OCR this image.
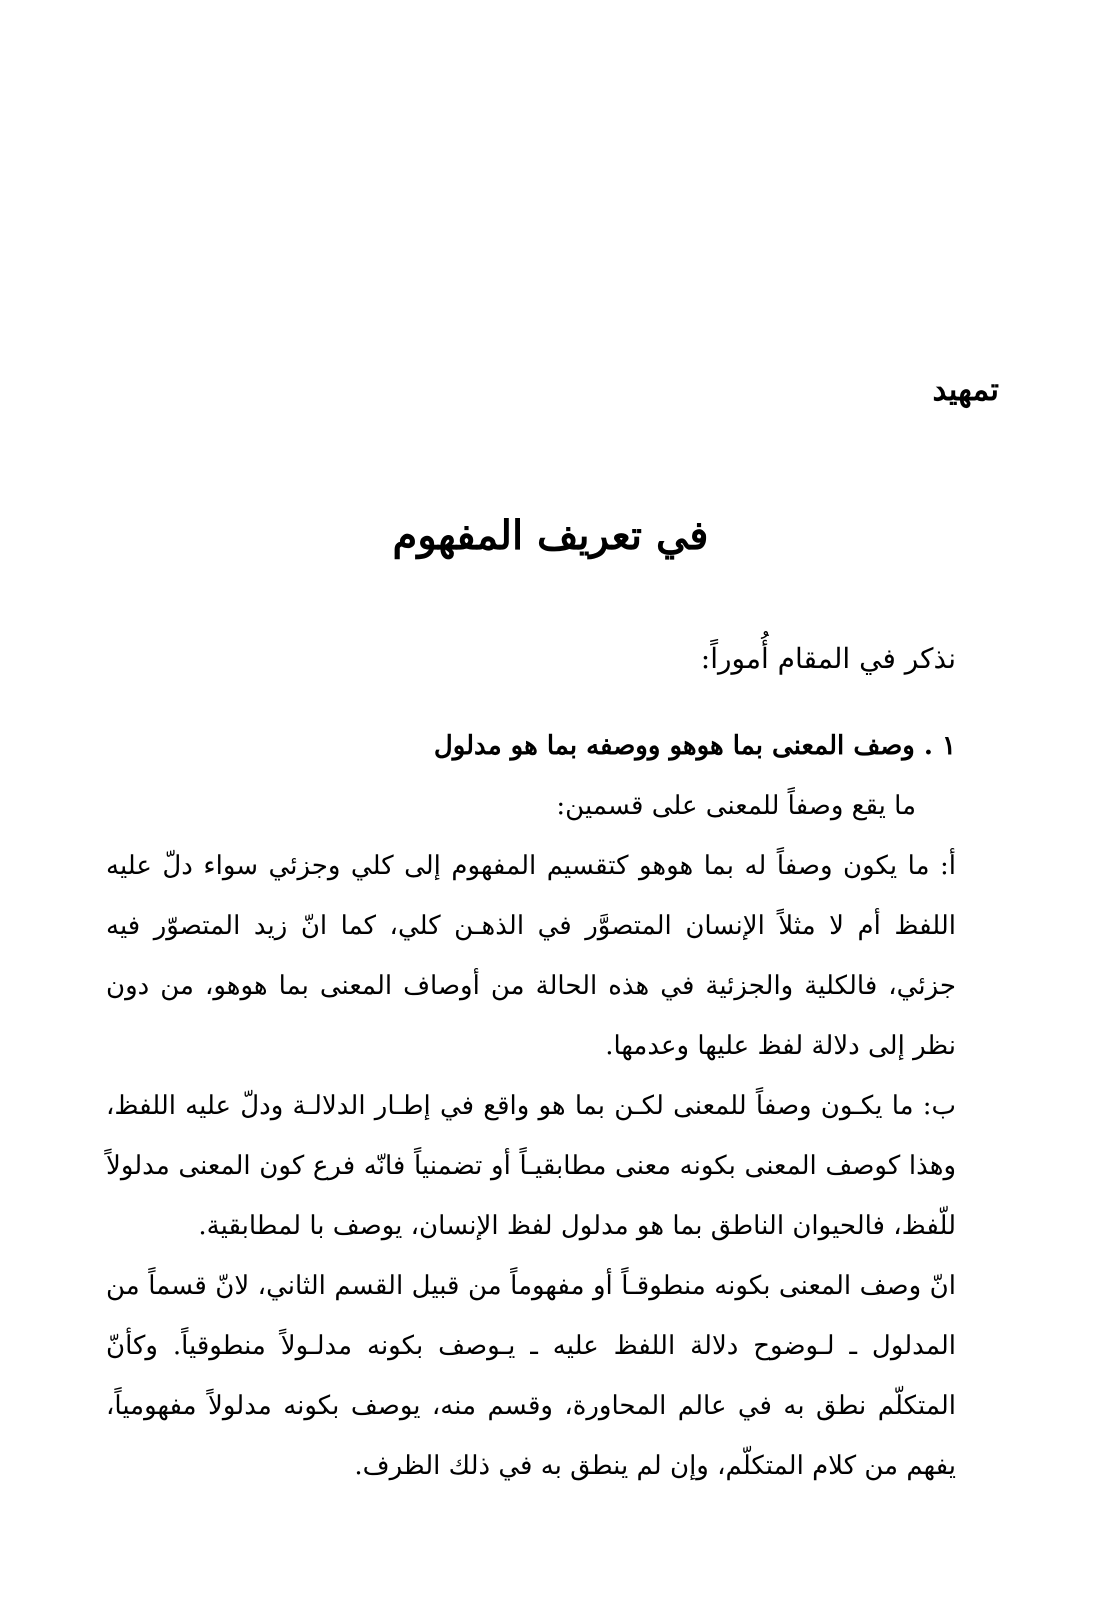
تمهيد
في تعريف المفهوم

نذكر في المقام أُموراً:

١ . وصف المعنى بما هوهو ووصفه بما هو مدلول

ما يقع وصفاً للمعنى على قسمين:

أ: ما يكون وصفاً له بما هوهو كتقسيم المفهوم إلى كلي وجزئي سواء دلّ عليه اللفظ أم لا مثلاً الإنسان المتصوَّر في الذهـن كلي، كما انّ زيد المتصوّر فيه جزئي، فالكلية والجزئية في هذه الحالة من أوصاف المعنى بما هوهو، من دون نظر إلى دلالة لفظ عليها وعدمها.

ب: ما يكـون وصفاً للمعنى لكـن بما هو واقع في إطـار الدلالـة ودلّ عليه اللفظ، وهذا كوصف المعنى بكونه معنى مطابقيـاً أو تضمنياً فانّه فرع كون المعنى مدلولاً للّفظ، فالحيوان الناطق بما هو مدلول لفظ الإنسان، يوصف با لمطابقية.

انّ وصف المعنى بكونه منطوقـاً أو مفهوماً من قبيل القسم الثاني، لانّ قسماً من المدلول ـ لـوضوح دلالة اللفظ عليه ـ يـوصف بكونه مدلـولاً منطوقياً. وكأنّ المتكلّم نطق به في عالم المحاورة، وقسم منه، يوصف بكونه مدلولاً مفهومياً، يفهم من كلام المتكلّم، وإن لم ينطق به في ذلك الظرف.
